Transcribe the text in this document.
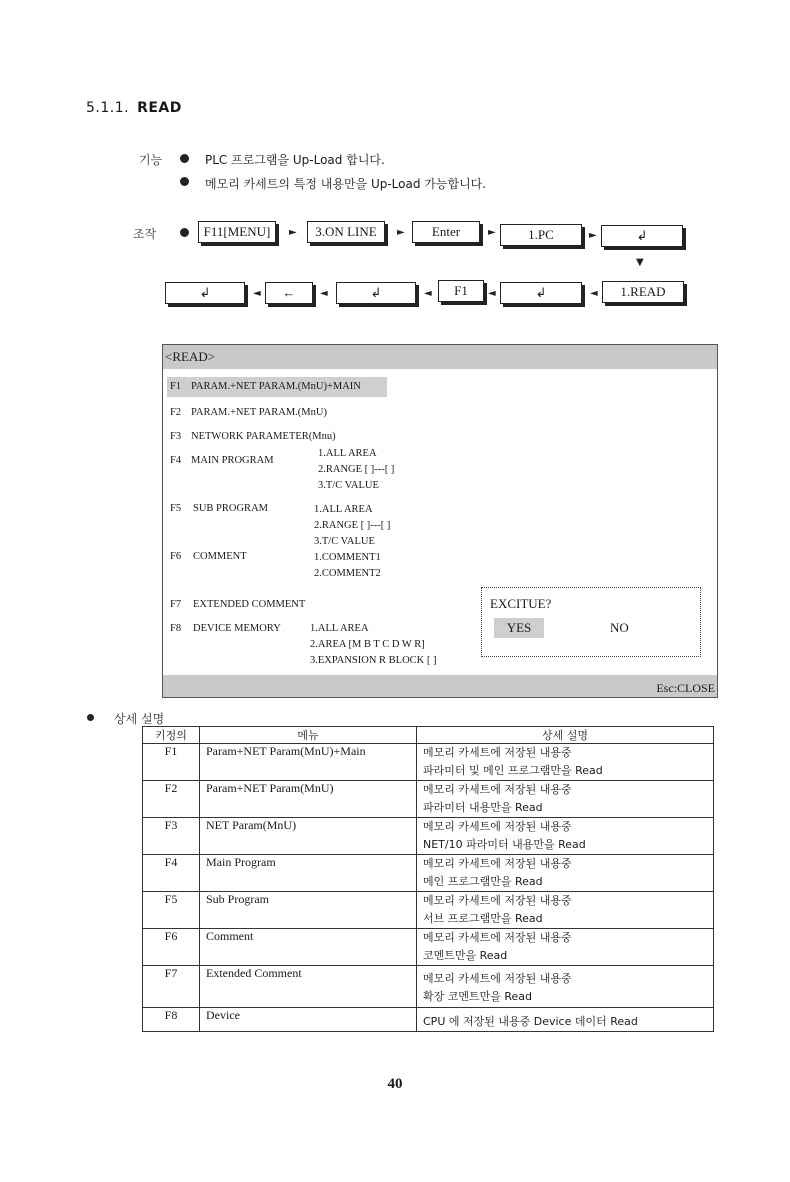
5.1.1. READ
기능	PLC 프로그램을 Up-Load 합니다.
메모리 카세트의 특정 내용만을 Up-Load 가능합니다.
조작	F11[MENU]	►	3.ON LINE	►	Enter	►	1.PC	►	↲
▼
↲	◄	←	◄	↲	◄	F1	◄	↲	◄	1.READ
<READ>
F1 PARAM.+NET PARAM.(MnU)+MAIN
F2 PARAM.+NET PARAM.(MnU)
F3 NETWORK PARAMETER(Mnu)
F4 MAIN PROGRAM
1.ALL AREA
2.RANGE [ ]---[ ]
3.T/C VALUE
F5 SUB PROGRAM	1.ALL AREA
2.RANGE [ ]---[ ]
3.T/C VALUE
F6 COMMENT	1.COMMENT1
2.COMMENT2
F7 EXTENDED COMMENT
F8 DEVICE MEMORY	1.ALL AREA
2.AREA [M B T C D W R]
3.EXPANSION R BLOCK [ ]
EXCITUE?
YES	NO
Esc:CLOSE
상세 설명
키정의	메뉴	상세 설명
F1	Param+NET Param(MnU)+Main	메모리 카세트에 저장된 내용중
파라미터 및 메인 프로그램만을 Read

F2	Param+NET Param(MnU)	메모리 카세트에 저장된 내용중
파라미터 내용만을 Read

F3	NET Param(MnU)	메모리 카세트에 저장된 내용중
NET/10 파라미터 내용만을 Read

F4	Main Program	메모리 카세트에 저장된 내용중
메인 프로그램만을 Read

F5	Sub Program	메모리 카세트에 저장된 내용중
서브 프로그램만을 Read

F6	Comment	메모리 카세트에 저장된 내용중
코멘트만을 Read

F7	Extended Comment	메모리 카세트에 저장된 내용중
확장 코멘트만을 Read

F8	Device	CPU 에 저장된 내용중 Device 데이터 Read
40
